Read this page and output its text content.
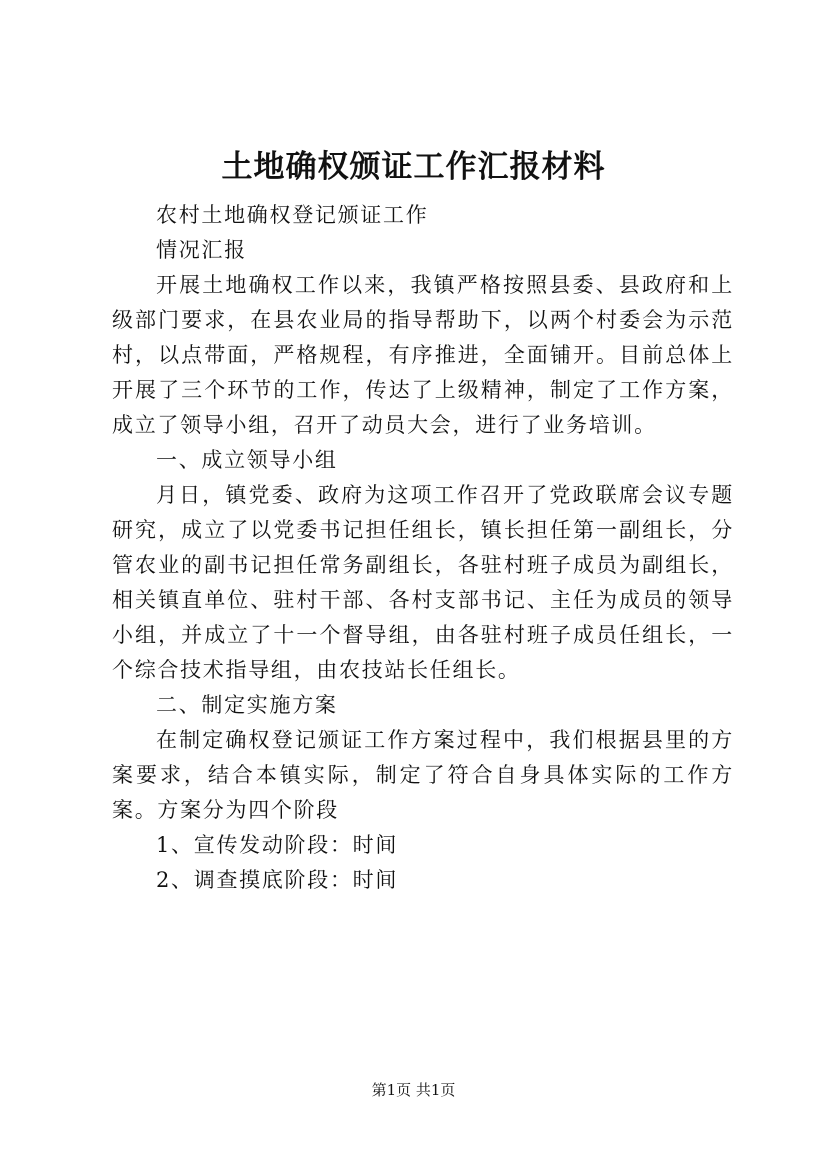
土地确权颁证工作汇报材料

农村土地确权登记颁证工作

情况汇报

开展土地确权工作以来，我镇严格按照县委、县政府和上级部门要求，在县农业局的指导帮助下，以两个村委会为示范村，以点带面，严格规程，有序推进，全面铺开。目前总体上开展了三个环节的工作，传达了上级精神，制定了工作方案，成立了领导小组，召开了动员大会，进行了业务培训。

一、成立领导小组

月日，镇党委、政府为这项工作召开了党政联席会议专题研究，成立了以党委书记担任组长，镇长担任第一副组长，分管农业的副书记担任常务副组长，各驻村班子成员为副组长，相关镇直单位、驻村干部、各村支部书记、主任为成员的领导小组，并成立了十一个督导组，由各驻村班子成员任组长，一个综合技术指导组，由农技站长任组长。

二、制定实施方案

在制定确权登记颁证工作方案过程中，我们根据县里的方案要求，结合本镇实际，制定了符合自身具体实际的工作方案。方案分为四个阶段

1、宣传发动阶段：时间

2、调查摸底阶段：时间

第1页 共1页
